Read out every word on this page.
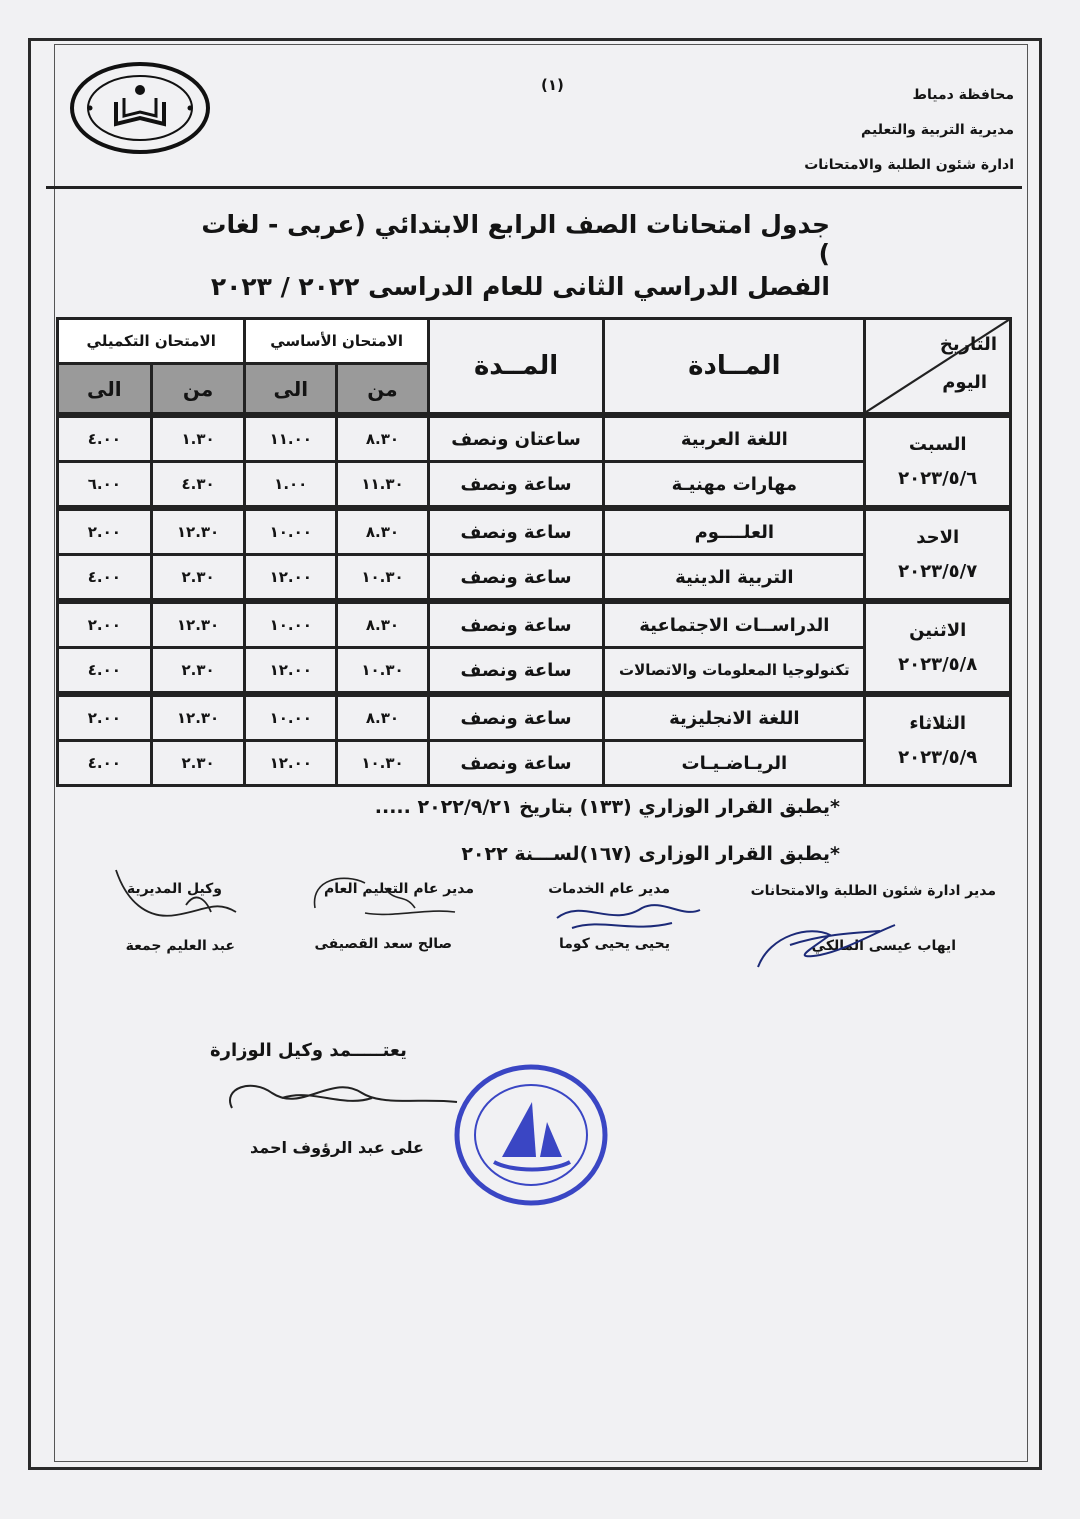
محافظة دمياط
مديرية التربية والتعليم
ادارة شئون الطلبة والامتحانات
(١)
جدول امتحانات الصف الرابع الابتدائي (عربى - لغات )
الفصل الدراسي الثانى للعام الدراسى ٢٠٢٢ / ٢٠٢٣
التاريخ
اليوم	المــادة	المــدة	الامتحان الأساسي		الامتحان التكميلي	
			من	الى	من	الى

السبت
٢٠٢٣/٥/٦	اللغة العربية	ساعتان ونصف	٨.٣٠	١١.٠٠	١.٣٠	٤.٠٠
	مهارات مهنيـة	ساعة ونصف	١١.٣٠	١.٠٠	٤.٣٠	٦.٠٠

الاحد
٢٠٢٣/٥/٧	العلــــوم	ساعة ونصف	٨.٣٠	١٠.٠٠	١٢.٣٠	٢.٠٠
	التربية الدينية	ساعة ونصف	١٠.٣٠	١٢.٠٠	٢.٣٠	٤.٠٠

الاثنين
٢٠٢٣/٥/٨	الدراســات الاجتماعية	ساعة ونصف	٨.٣٠	١٠.٠٠	١٢.٣٠	٢.٠٠
	تكنولوجيا المعلومات والاتصالات	ساعة ونصف	١٠.٣٠	١٢.٠٠	٢.٣٠	٤.٠٠

الثلاثاء
٢٠٢٣/٥/٩	اللغة الانجليزية	ساعة ونصف	٨.٣٠	١٠.٠٠	١٢.٣٠	٢.٠٠
	الريـاضـيـات	ساعة ونصف	١٠.٣٠	١٢.٠٠	٢.٣٠	٤.٠٠
*يطبق القرار الوزاري (١٣٣) بتاريخ ٢٠٢٢/٩/٢١ .....
*يطبق القرار الوزارى (١٦٧)لســـنة ٢٠٢٢
مدير ادارة شئون الطلبة والامتحانات
ايهاب عيسى المالكي
مدير عام الخدمات
يحيى يحيى كوما
مدير عام التعليم العام
صالح سعد القصيفى
وكيل المديرية
عبد العليم جمعة
يعتـــــمد وكيل الوزارة
على عبد الرؤوف احمد
